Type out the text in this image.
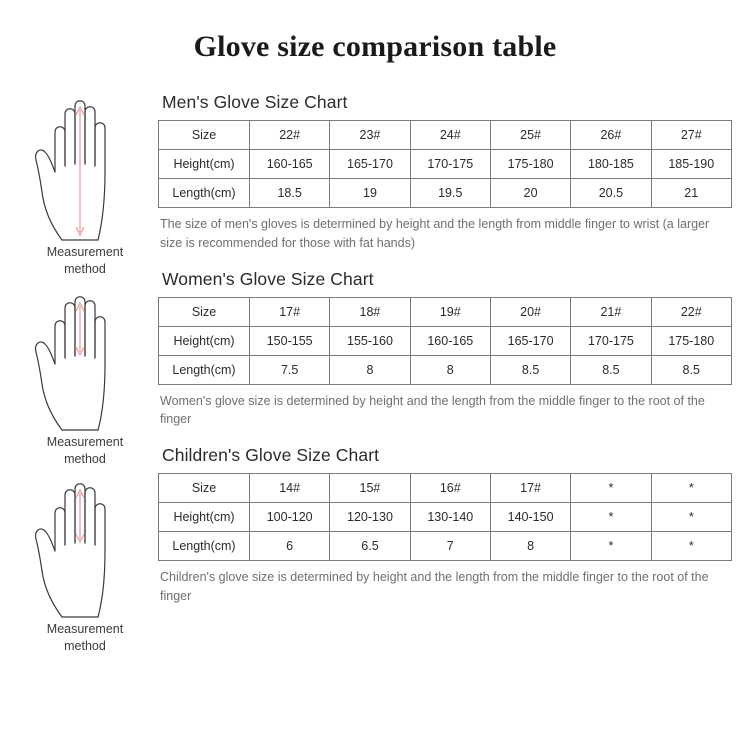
Glove size comparison table
Measurement
method
Measurement
method
Measurement
method
Men's Glove Size Chart
Size	22#	23#	24#	25#	26#	27#
Height(cm)	160-165	165-170	170-175	175-180	180-185	185-190
Length(cm)	18.5	19	19.5	20	20.5	21

The size of men's gloves is determined by height and the length from middle finger to wrist (a larger size is recommended for those with fat hands)

Women's Glove Size Chart
Size	17#	18#	19#	20#	21#	22#
Height(cm)	150-155	155-160	160-165	165-170	170-175	175-180
Length(cm)	7.5	8	8	8.5	8.5	8.5

Women's glove size is determined by height and the length from the middle finger to the root of the finger

Children's Glove Size Chart
Size	14#	15#	16#	17#	*	*
Height(cm)	100-120	120-130	130-140	140-150	*	*
Length(cm)	6	6.5	7	8	*	*

Children's glove size is determined by height and the length from the middle finger to the root of the finger
